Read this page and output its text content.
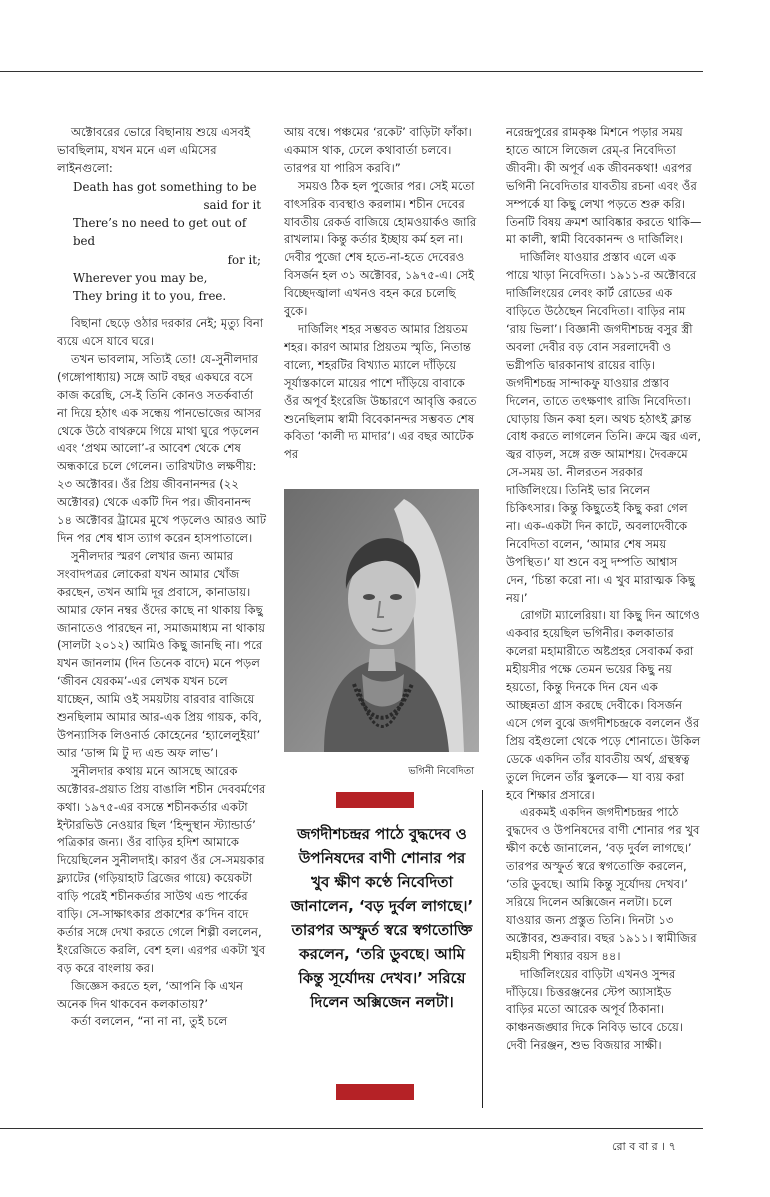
অক্টোবরের ভোরে বিছানায় শুয়ে এসবই ভাবছিলাম, যখন মনে এল এমিসের লাইনগুলো:

Death has got something to be
said for it
There’s no need to get out of bed
for it;
Wherever you may be,
They bring it to you, free.

বিছানা ছেড়ে ওঠার দরকার নেই; মৃত্যু বিনা ব্যয়ে এসে যাবে ঘরে।

তখন ভাবলাম, সত্যিই তো! যে-সুনীলদার (গঙ্গোপাধ্যায়) সঙ্গে আট বছর একঘরে বসে কাজ করেছি, সে-ই তিনি কোনও সতর্কবার্তা না দিয়ে হঠাৎ এক সন্ধেয় পানভোজের আসর থেকে উঠে বাথরুমে গিয়ে মাথা ঘুরে পড়লেন এবং ‘প্রথম আলো’-র আবেশ থেকে শেষ অন্ধকারে চলে গেলেন। তারিখটাও লক্ষণীয়: ২৩ অক্টোবর। ওঁর প্রিয় জীবনানন্দর (২২ অক্টোবর) থেকে একটি দিন পর। জীবনানন্দ ১৪ অক্টোবর ট্রামের মুখে পড়লেও আরও আট দিন পর শেষ শ্বাস ত্যাগ করেন হাসপাতালে।

সুনীলদার স্মরণ লেখার জন্য আমার সংবাদপত্রর লোকেরা যখন আমার খোঁজ করছেন, তখন আমি দূর প্রবাসে, কানাডায়। আমার ফোন নম্বর ওঁদের কাছে না থাকায় কিছু জানাতেও পারছেন না, সমাজমাধ্যম না থাকায় (সালটা ২০১২) আমিও কিছু জানছি না। পরে যখন জানলাম (দিন তিনেক বাদে) মনে পড়ল ‘জীবন যেরকম’-এর লেখক যখন চলে যাচ্ছেন, আমি ওই সময়টায় বারবার বাজিয়ে শুনছিলাম আমার আর-এক প্রিয় গায়ক, কবি, উপন্যাসিক লিওনার্ড কোহেনের ‘হ্যালেলুইয়া’ আর ‘ডান্স মি টু দ্য এন্ড অফ লাভ’।

সুনীলদার কথায় মনে আসছে আরেক অক্টোবর-প্রয়াত প্রিয় বাঙালি শচীন দেববর্মণের কথা। ১৯৭৫-এর বসন্তে শচীনকর্তার একটা ইন্টারভিউ নেওয়ার ছিল ‘হিন্দুস্থান স্ট্যান্ডার্ড’ পত্রিকার জন্য। ওঁর বাড়ির হদিশ আমাকে দিয়েছিলেন সুনীলদাই। কারণ ওঁর সে-সময়কার ফ্ল্যাটের (গড়িয়াহাট ব্রিজের গায়ে) কয়েকটা বাড়ি পরেই শচীনকর্তার সাউথ এন্ড পার্কের বাড়ি। সে-সাক্ষাৎকার প্রকাশের ক’দিন বাদে কর্তার সঙ্গে দেখা করতে গেলে শিল্পী বললেন, ইংরেজিতে করলি, বেশ হল। এরপর একটা খুব বড় করে বাংলায় কর।

জিজ্ঞেস করতে হল, ‘আপনি কি এখন অনেক দিন থাকবেন কলকাতায়?’

কর্তা বললেন, “না না না, তুই চলে

আয় বম্বে। পঞ্চমের ‘রকেট’ বাড়িটা ফাঁকা। একমাস থাক, ঢেলে কথাবার্তা চলবে। তারপর যা পারিস করবি।”

সময়ও ঠিক হল পুজোর পর। সেই মতো বাৎসরিক ব্যবস্থাও করলাম। শচীন দেবের যাবতীয় রেকর্ড বাজিয়ে হোমওয়ার্কও জারি রাখলাম। কিন্তু কর্তার ইচ্ছায় কর্ম হল না। দেবীর পুজো শেষ হতে-না-হতে দেবেরও বিসর্জন হল ৩১ অক্টোবর, ১৯৭৫-এ। সেই বিচ্ছেদজ্বালা এখনও বহন করে চলেছি বুকে।

দার্জিলিং শহর সম্ভবত আমার প্রিয়তম শহর। কারণ আমার প্রিয়তম স্মৃতি, নিতান্ত বাল্যে, শহরটির বিখ্যাত ম্যালে দাঁড়িয়ে সূর্যাস্তকালে মায়ের পাশে দাঁড়িয়ে বাবাকে ওঁর অপূর্ব ইংরেজি উচ্চারণে আবৃত্তি করতে শুনেছিলাম স্বামী বিবেকানন্দর সম্ভবত শেষ কবিতা ‘কালী দ্য মাদার’। এর বছর আটেক পর

ভগিনী নিবেদিতা
জগদীশচন্দ্রর পাঠে বুদ্ধদেব ও উপনিষদের বাণী শোনার পর খুব ক্ষীণ কণ্ঠে নিবেদিতা জানালেন, ‘বড় দুর্বল লাগছে।’ তারপর অস্ফুর্ত স্বরে স্বগতোক্তি করলেন, ‘তরি ডুবছে। আমি কিন্তু সূর্যোদয় দেখব।’ সরিয়ে দিলেন অক্সিজেন নলটা।

নরেন্দ্রপুরের রামকৃষ্ণ মিশনে পড়ার সময় হাতে আসে লিজেল রেম্‌-র নিবেদিতা জীবনী। কী অপূর্ব এক জীবনকথা! এরপর ভগিনী নিবেদিতার যাবতীয় রচনা এবং ওঁর সম্পর্কে যা কিছু লেখা পড়তে শুরু করি। তিনটি বিষয় ক্রমশ আবিষ্কার করতে থাকি— মা কালী, স্বামী বিবেকানন্দ ও দার্জিলিং।

দার্জিলিং যাওয়ার প্রস্তাব এলে এক পায়ে খাড়া নিবেদিতা। ১৯১১-র অক্টোবরে দার্জিলিংয়ের লেবং কার্ট রোডের এক বাড়িতে উঠেছেন নিবেদিতা। বাড়ির নাম ‘রায় ভিলা’। বিজ্ঞানী জগদীশচন্দ্র বসুর স্ত্রী অবলা দেবীর বড় বোন সরলাদেবী ও ভগ্নীপতি দ্বারকানাথ রায়ের বাড়ি। জগদীশচন্দ্র সান্দাকফু যাওয়ার প্রস্তাব দিলেন, তাতে তৎক্ষণাৎ রাজি নিবেদিতা। ঘোড়ায় জিন কষা হল। অথচ হঠাৎই ক্লান্ত বোধ করতে লাগলেন তিনি। ক্রমে জ্বর এল, জ্বর বাড়ল, সঙ্গে রক্ত আমাশয়। দৈবক্রমে সে-সময় ডা. নীলরতন সরকার দার্জিলিংয়ে। তিনিই ভার নিলেন চিকিৎসার। কিন্তু কিছুতেই কিছু করা গেল না। এক-একটা দিন কাটে, অবলাদেবীকে নিবেদিতা বলেন, ‘আমার শেষ সময় উপস্থিত।’ যা শুনে বসু দম্পতি আশ্বাস দেন, ‘চিন্তা করো না। এ খুব মারাত্মক কিছু নয়।’

রোগটা ম্যালেরিয়া। যা কিছু দিন আগেও একবার হয়েছিল ভগিনীর। কলকাতার কলেরা মহামারীতে অষ্টপ্রহর সেবাকর্ম করা মহীয়সীর পক্ষে তেমন ভয়ের কিছু নয় হয়তো, কিন্তু দিনকে দিন যেন এক আচ্ছন্নতা গ্রাস করছে দেবীকে। বিসর্জন এসে গেল বুঝে জগদীশচন্দ্রকে বললেন ওঁর প্রিয় বইগুলো থেকে পড়ে শোনাতে। উকিল ডেকে একদিন তাঁর যাবতীয় অর্থ, গ্রন্থস্বত্ব তুলে দিলেন তাঁর স্কুলকে— যা ব্যয় করা হবে শিক্ষার প্রসারে।

এরকমই একদিন জগদীশচন্দ্রর পাঠে বুদ্ধদেব ও উপনিষদের বাণী শোনার পর খুব ক্ষীণ কণ্ঠে জানালেন, ‘বড় দুর্বল লাগছে।’ তারপর অস্ফুর্ত স্বরে স্বগতোক্তি করলেন, ‘তরি ডুবছে। আমি কিন্তু সূর্যোদয় দেখব।’ সরিয়ে দিলেন অক্সিজেন নলটা। চলে যাওয়ার জন্য প্রস্তুত তিনি। দিনটা ১৩ অক্টোবর, শুক্রবার। বছর ১৯১১। স্বামীজির মহীয়সী শিষ্যার বয়স ৪৪।

দার্জিলিংয়ের বাড়িটা এখনও সুন্দর দাঁড়িয়ে। চিত্তরঞ্জনের স্টেপ অ্যাসাইড বাড়ির মতো আরেক অপূর্ব ঠিকানা। কাঞ্চনজঙ্ঘার দিকে নিবিড় ভাবে চেয়ে। দেবী নিরঞ্জন, শুভ বিজয়ার সাক্ষী।

রো ব বা র । ৭
